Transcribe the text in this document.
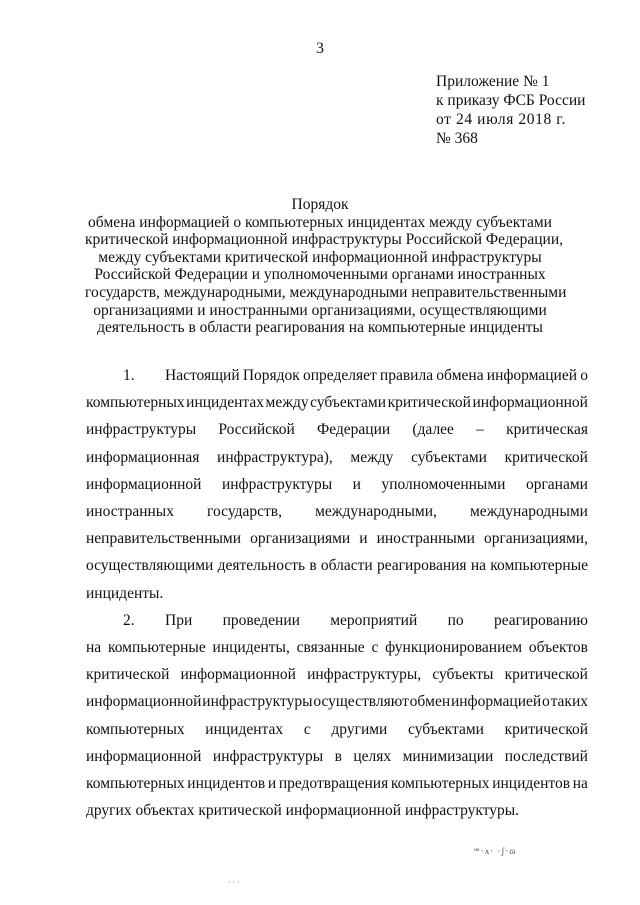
3
Приложение № 1
к приказу ФСБ России
от 24 июля 2018 г.
№ 368
Порядок
обмена информацией о компьютерных инцидентах между субъектами
критической информационной инфраструктуры Российской Федерации,
между субъектами критической информационной инфраструктуры
Российской Федерации и уполномоченными органами иностранных
государств, международными, международными неправительственными
организациями и иностранными организациями, осуществляющими
деятельность в области реагирования на компьютерные инциденты
1.	Настоящий Порядок определяет правила обмена информацией о
компьютерных инцидентах между субъектами критической информационной
инфраструктуры Российской Федерации (далее – критическая
информационная инфраструктура), между субъектами критической
информационной инфраструктуры и уполномоченными органами
иностранных государств, международными, международными
неправительственными организациями и иностранными организациями,
осуществляющими деятельность в области реагирования на компьютерные
инциденты.
2.	При проведении мероприятий по реагированию
на компьютерные инциденты, связанные с функционированием объектов
критической информационной инфраструктуры, субъекты критической
информационной инфраструктуры осуществляют обмен информацией о таких
компьютерных инцидентах с другими субъектами критической
информационной инфраструктуры в целях минимизации последствий
компьютерных инцидентов и предотвращения компьютерных инцидентов на
других объектах критической информационной инфраструктуры.
ꟹ·ʌ· ·ʃ·ɷ
· · ·
